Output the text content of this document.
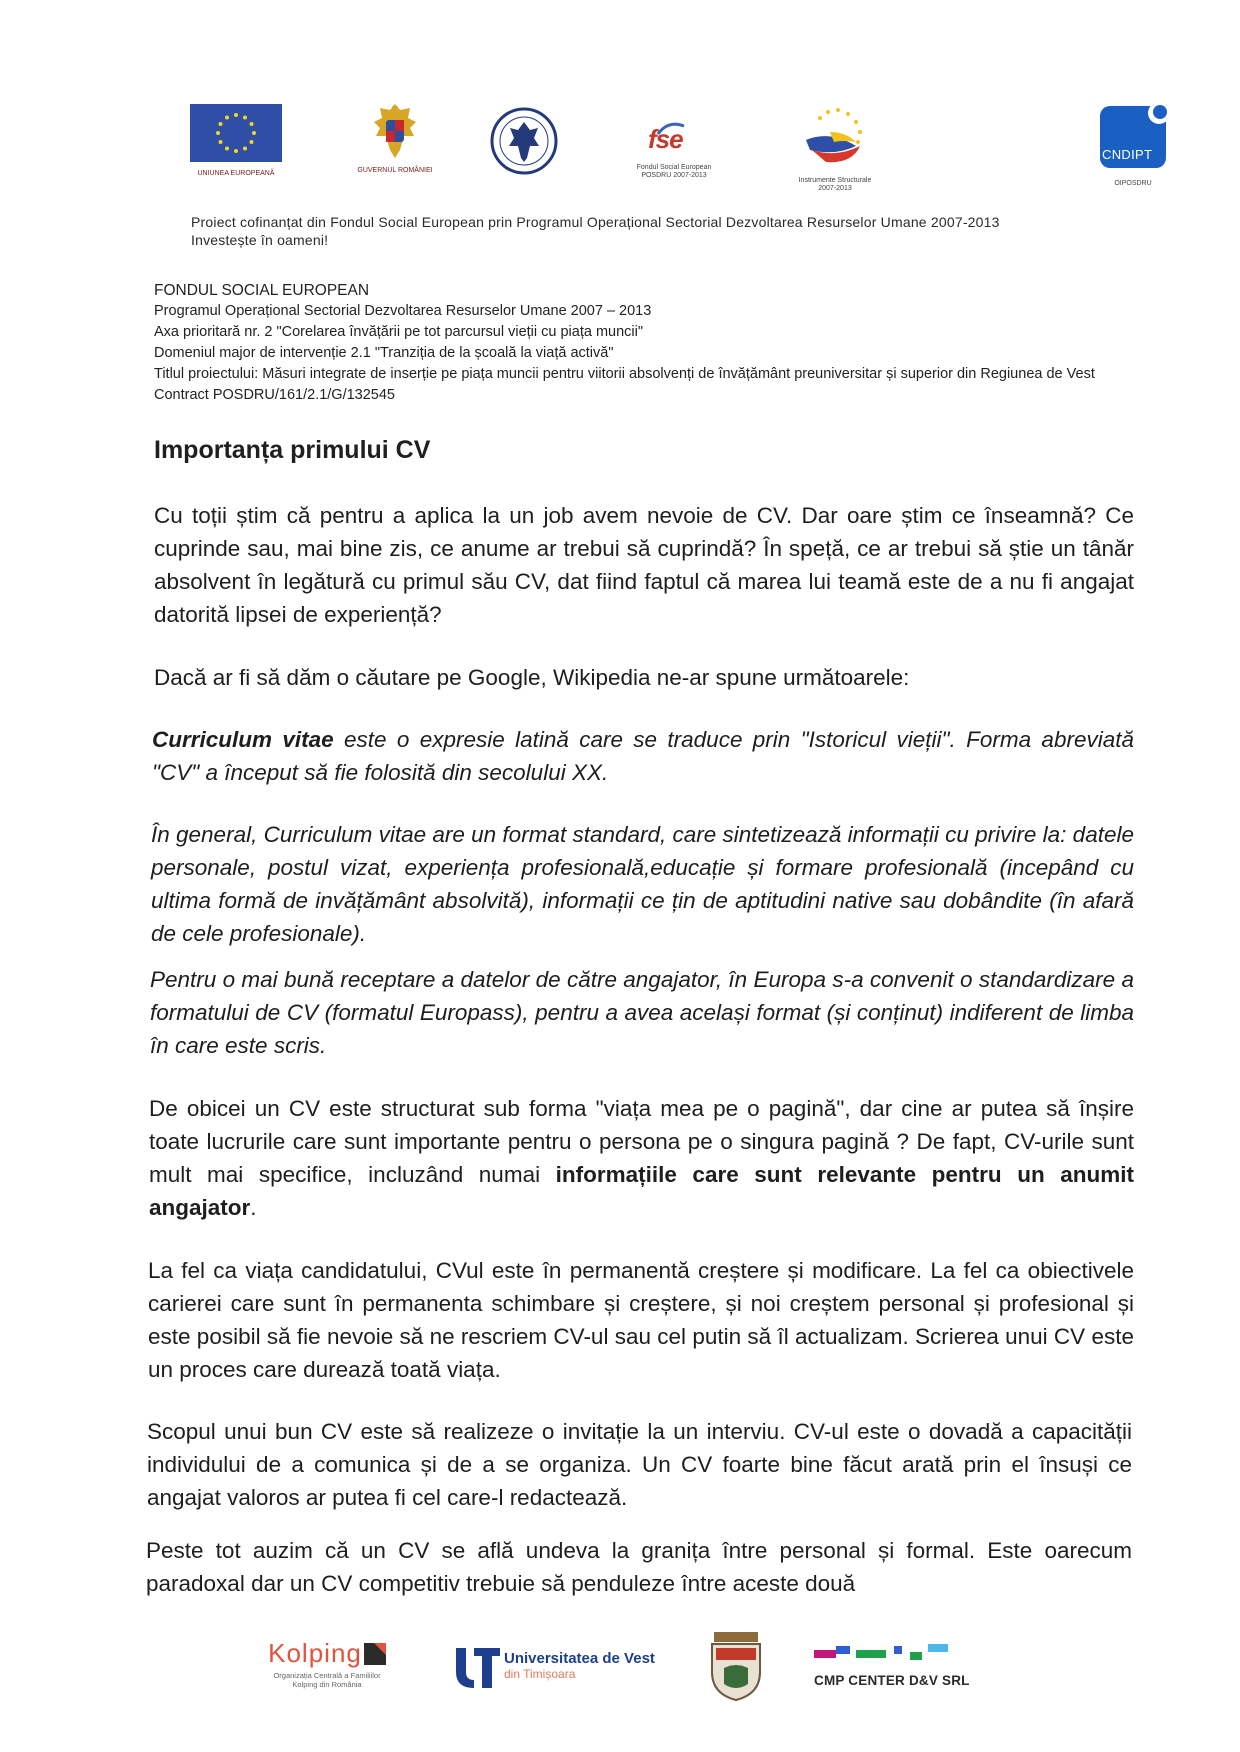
UNIUNEA EUROPEANĂ	GUVERNUL ROMÂNIEI
fse
Fondul Social European
POSDRU 2007-2013
Instrumente Structurale
2007-2013
CNDIPT
OIPOSDRU
Proiect cofinanțat din Fondul Social European prin Programul Operațional Sectorial Dezvoltarea Resurselor Umane 2007-2013
Investește în oameni!
FONDUL SOCIAL EUROPEAN
Programul Operațional Sectorial Dezvoltarea Resurselor Umane 2007 – 2013
Axa prioritară nr. 2 "Corelarea învățării pe tot parcursul vieții cu piața muncii"
Domeniul major de intervenție 2.1 "Tranziția de la școală la viață activă"
Titlul proiectului: Măsuri integrate de inserție pe piața muncii pentru viitorii absolvenți de învățământ preuniversitar și superior din Regiunea de Vest
Contract POSDRU/161/2.1/G/132545
Importanța primului CV
Cu toții știm că pentru a aplica la un job avem nevoie de CV. Dar oare știm ce înseamnă? Ce cuprinde sau, mai bine zis, ce anume ar trebui să cuprindă? În speță, ce ar trebui să știe un tânăr absolvent în legătură cu primul său CV, dat fiind faptul că marea lui teamă este de a nu fi angajat datorită lipsei de experiență?
Dacă ar fi să dăm o căutare pe Google, Wikipedia ne-ar spune următoarele:
Curriculum vitae este o expresie latină care se traduce prin "Istoricul vieții". Forma abreviată "CV" a început să fie folosită din secolului XX.
În general, Curriculum vitae are un format standard, care sintetizează informații cu privire la: datele personale, postul vizat, experiența profesională,educație și formare profesională (incepând cu ultima formă de invățământ absolvită), informații ce țin de aptitudini native sau dobândite (în afară de cele profesionale).
Pentru o mai bună receptare a datelor de către angajator, în Europa s-a convenit o standardizare a formatului de CV (formatul Europass), pentru a avea același format (și conținut) indiferent de limba în care este scris.
De obicei un CV este structurat sub forma "viața mea pe o pagină", dar cine ar putea să înșire toate lucrurile care sunt importante pentru o persona pe o singura pagină ? De fapt, CV-urile sunt mult mai specifice, incluzând numai informațiile care sunt relevante pentru un anumit angajator.
La fel ca viața candidatului, CVul este în permanentă creștere și modificare. La fel ca obiectivele carierei care sunt în permanenta schimbare și creștere, și noi creștem personal și profesional și este posibil să fie nevoie să ne rescriem CV-ul sau cel putin să îl actualizam. Scrierea unui CV este un proces care durează toată viața.
Scopul unui bun CV este să realizeze o invitație la un interviu. CV-ul este o dovadă a capacității individului de a comunica și de a se organiza. Un CV foarte bine făcut arată prin el însuși ce angajat valoros ar putea fi cel care-l redactează.
Peste tot auzim că un CV se află undeva la granița între personal și formal. Este oarecum paradoxal dar un CV competitiv trebuie să penduleze între aceste două
Kolping
Organizația Centrală a Familiilor
Kolping din România
Universitatea de Vest
din Timișoara	CMP CENTER D&V SRL
